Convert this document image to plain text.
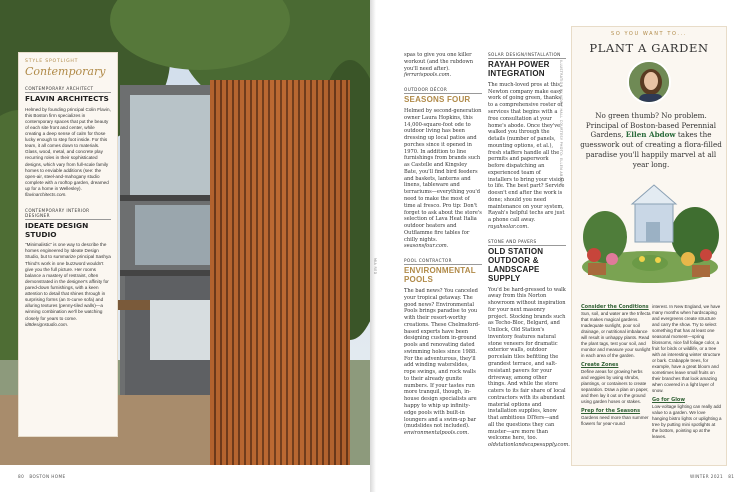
STYLE SPOTLIGHT
Contemporary
CONTEMPORARY ARCHITECT
FLAVIN ARCHITECTS
Helmed by founding principal Colin Flavin, this Boston firm specializes in contemporary spaces that put the beauty of each site front and center, while creating a deep sense of calm for those lucky enough to step foot inside. For this team, it all comes down to materials. Glass, wood, metal, and concrete play recurring roles in their sophisticated designs, which vary from full-scale family homes to enviable additions (see: the open-air, steel-and-mahogany studio complete with a rooftop garden, dreamed up for a home in Wellesley). flavinarchitects.com.
CONTEMPORARY INTERIOR DESIGNER
IDEATE DESIGN STUDIO
"Minimalistic" is one way to describe the homes engineered by Ideate Design Studio, but to summarize principal Sashya Thind's work in one buzzword wouldn't give you the full picture. Her rooms balance a mastery of restraint, often demonstrated in the designer's affinity for pared-down furnishings, with a keen attention to detail that shines through in surprising forms (an S-curve sofa) and alluring textures (penny-tiled walls)—a winning combination we'll be watching closely for years to come. id8designstudio.com.
spas to give you one killer workout (and the rubdown you'll need after). ferrarispools.com.
OUTDOOR DÉCOR
SEASONS FOUR
Helmed by second-generation owner Laura Hopkins, this 14,000-square-foot ode to outdoor living has been dressing up local patios and porches since it opened in 1970. In addition to line furnishings from brands such as Castelle and Kingsley Bate, you'll find bird feeders and baskets, lanterns and linens, tableware and terrariums—everything you'd need to make the most of time al fresco. Pro tip: Don't forget to ask about the store's selection of Lava Heat Italia outdoor heaters and Outflamme fire tables for chilly nights. seasonsfour.com.
POOL CONTRACTOR
ENVIRONMENTAL POOLS
The bad news? You canceled your tropical getaway. The good news? Environmental Pools brings paradise to you with their resort-worthy creations. These Chelmsford-based experts have been designing custom in-ground pools and renovating dated swimming holes since 1988. For the adventurous, they'll add winding waterslides, rope swings, and rock walls to their already gunite numbers. If your tastes run more tranquil, though, in-house design specialists are happy to whip up infinity-edge pools with built-in loungers and a swim-up bar (mudslides not included). environmentalpools.com.
SOLAR DESIGN/INSTALLATION
RAYAH POWER INTEGRATION
The much-loved pros at this Newton company make easy work of going green, thanks to a comprehensive roster of services that begins with a free consultation at your home's abode. Once they've walked you through the details (number of panels, mounting options, et al.), fresh staffers handle all the permits and paperwork before dispatching an experienced team of installers to bring your vision to life. The best part? Service doesn't end after the work is done; should you need maintenance on your system, Rayah's helpful techs are just a phone call away. rayahsolar.com.
STONE AND PAVERS
OLD STATION OUTDOOR & LANDSCAPE SUPPLY
You'd be hard-pressed to walk away from this Norton showroom without inspiration for your next masonry project. Stocking brands such as Techo-Bloc, Belgard, and Unilock, Old Station's inventory features natural stone veneers for dramatic exterior walls, outdoor porcelain tiles befitting the grandest terrace, and salt-resistant pavers for your driveway, among other things. And while the store caters to its fair share of local contractors with its abundant material options and installation supplies, know that ambitious DIYers—and all the questions they can muster—are more than welcome here, too. oldstationlandscapesupply.com.
SO YOU WANT TO...
PLANT A GARDEN
No green thumb? No problem. Principal of Boston-based Perennial Gardens, Ellen Abdow takes the guesswork out of creating a flora-filled paradise you'll happily marvel at all year long.
Consider the Conditions
Sun, soil, and water are the trifecta that makes magical gardens. Inadequate sunlight, poor soil drainage, or nutritional imbalance will result in unhappy plants. Read the plant tags, test your soil, and monitor and measure your sunlight in each area of the garden.
Create Zones
Define areas for growing herbs and veggies by using shrubs, plantings, or containers to create separation. Draw a plan on paper, and then lay it out on the ground using garden hoses or stakes.
Prep for the Seasons
Gardens need more than summer flowers for year-round
interest. In New England, we have many months when hardscaping and evergreens create structure and carry the show. Try to select something that has at least one seasonal moment—spring blossoms, nice fall foliage color, a fruit for birds or wildlife, or a tree with an interesting winter structure or bark. Crabapple trees, for example, have a great bloom and sometimes leave small fruits on their branches that look amazing when covered in a light layer of snow.
Go for Glow
Low-voltage lighting can really add value to a garden. We love hanging bistro lights or uplighting a tree by putting mini spotlights at the bottom, pointing up at the leaves.
MIA RED
ILLUSTRATION BY HOLLY HALL COURTESY PHOTO: ELLEN ABDOW
80 BOSTON HOME	WINTER 2021 81
